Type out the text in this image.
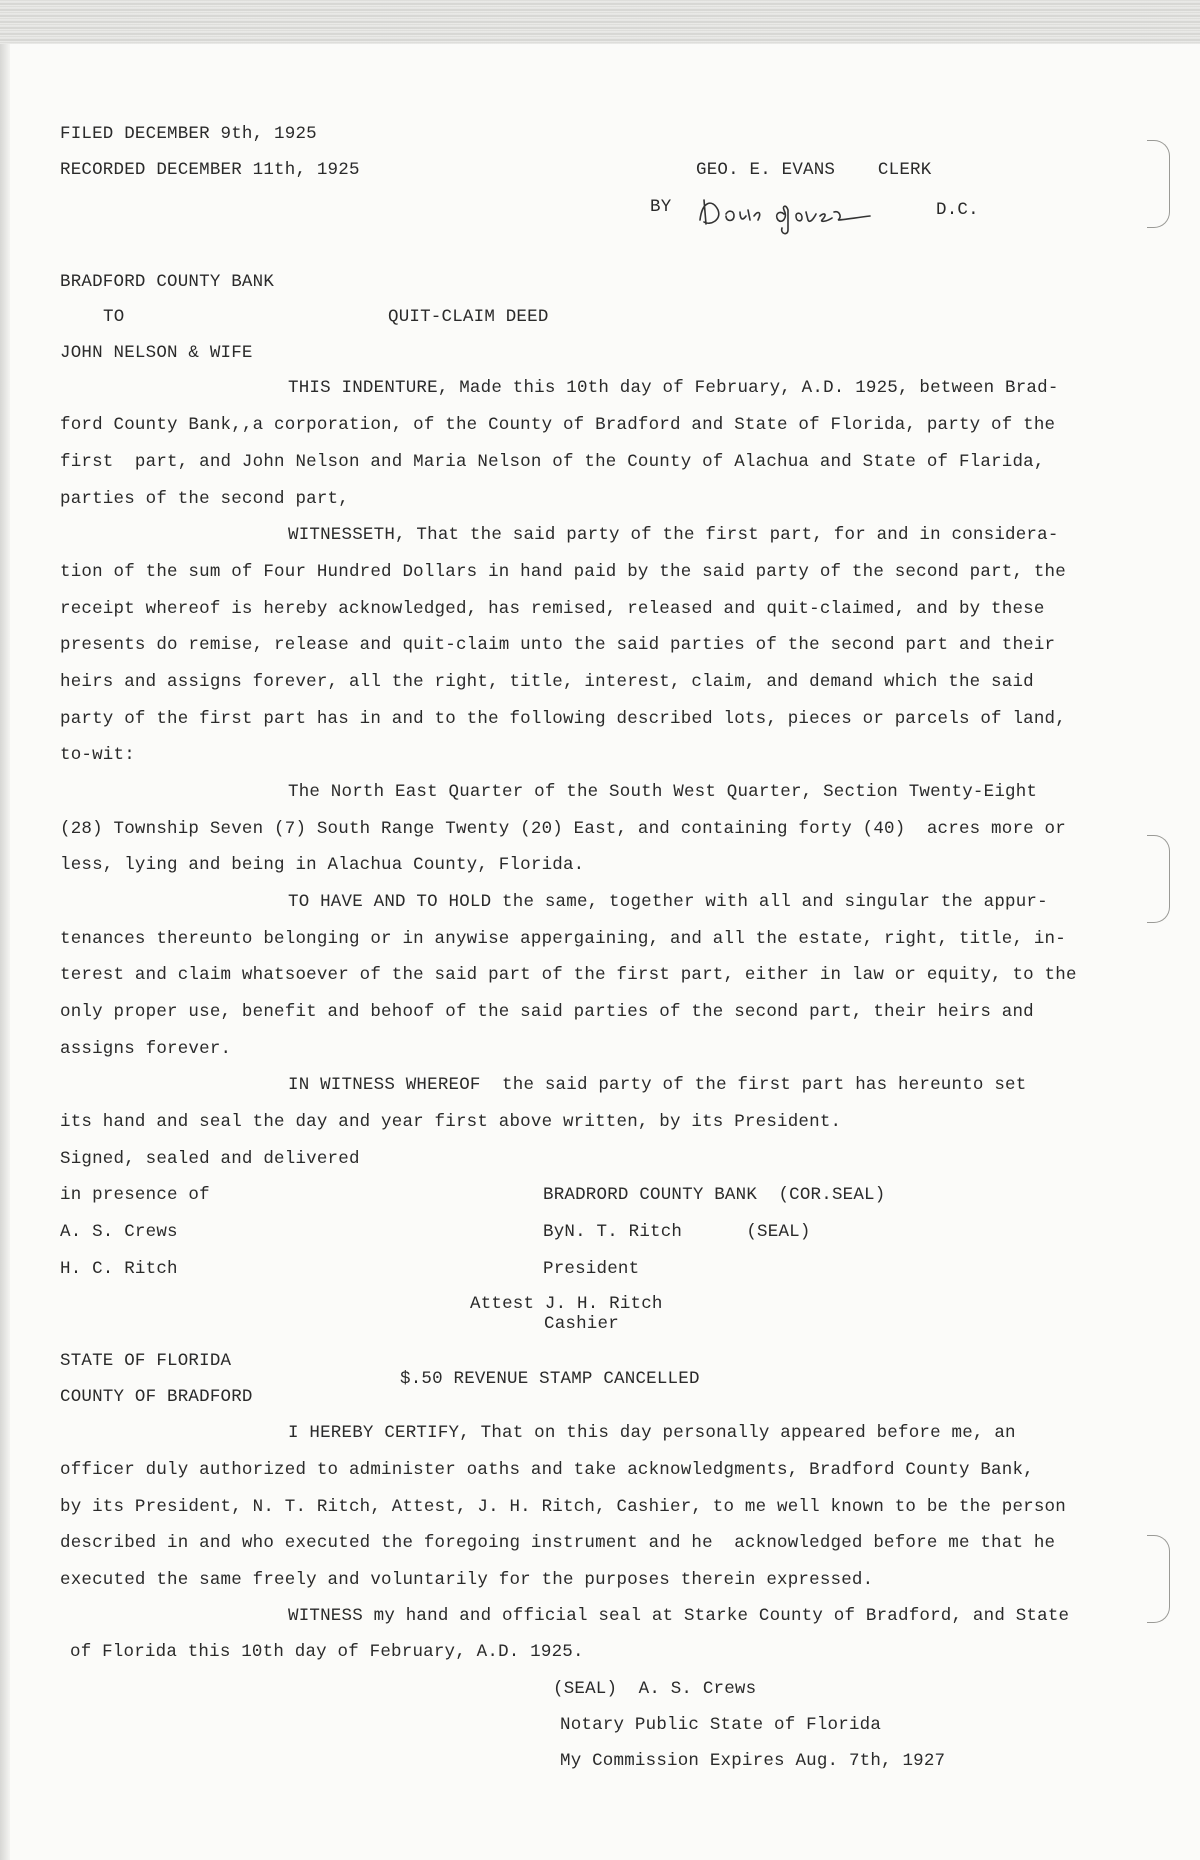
FILED DECEMBER 9th, 1925
RECORDED DECEMBER 11th, 1925	GEO. E. EVANS    CLERK
BY	D.C.
BRADFORD COUNTY BANK
TO	QUIT-CLAIM DEED
JOHN NELSON & WIFE
THIS INDENTURE, Made this 10th day of February, A.D. 1925, between Brad-
ford County Bank,,a corporation, of the County of Bradford and State of Florida, party of the
first  part, and John Nelson and Maria Nelson of the County of Alachua and State of Flarida,
parties of the second part,
WITNESSETH, That the said party of the first part, for and in considera-
tion of the sum of Four Hundred Dollars in hand paid by the said party of the second part, the
receipt whereof is hereby acknowledged, has remised, released and quit-claimed, and by these
presents do remise, release and quit-claim unto the said parties of the second part and their
heirs and assigns forever, all the right, title, interest, claim, and demand which the said
party of the first part has in and to the following described lots, pieces or parcels of land,
to-wit:
The North East Quarter of the South West Quarter, Section Twenty-Eight
(28) Township Seven (7) South Range Twenty (20) East, and containing forty (40)  acres more or
less, lying and being in Alachua County, Florida.
TO HAVE AND TO HOLD the same, together with all and singular the appur-
tenances thereunto belonging or in anywise appergaining, and all the estate, right, title, in-
terest and claim whatsoever of the said part of the first part, either in law or equity, to the
only proper use, benefit and behoof of the said parties of the second part, their heirs and
assigns forever.
IN WITNESS WHEREOF  the said party of the first part has hereunto set
its hand and seal the day and year first above written, by its President.
Signed, sealed and delivered
in presence of	BRADRORD COUNTY BANK  (COR.SEAL)
A. S. Crews	ByN. T. Ritch      (SEAL)
H. C. Ritch	President
Attest J. H. Ritch
Cashier
STATE OF FLORIDA
$.50 REVENUE STAMP CANCELLED
COUNTY OF BRADFORD
I HEREBY CERTIFY, That on this day personally appeared before me, an
officer duly authorized to administer oaths and take acknowledgments, Bradford County Bank,
by its President, N. T. Ritch, Attest, J. H. Ritch, Cashier, to me well known to be the person
described in and who executed the foregoing instrument and he  acknowledged before me that he
executed the same freely and voluntarily for the purposes therein expressed.
WITNESS my hand and official seal at Starke County of Bradford, and State
of Florida this 10th day of February, A.D. 1925.
(SEAL)  A. S. Crews
Notary Public State of Florida
My Commission Expires Aug. 7th, 1927
